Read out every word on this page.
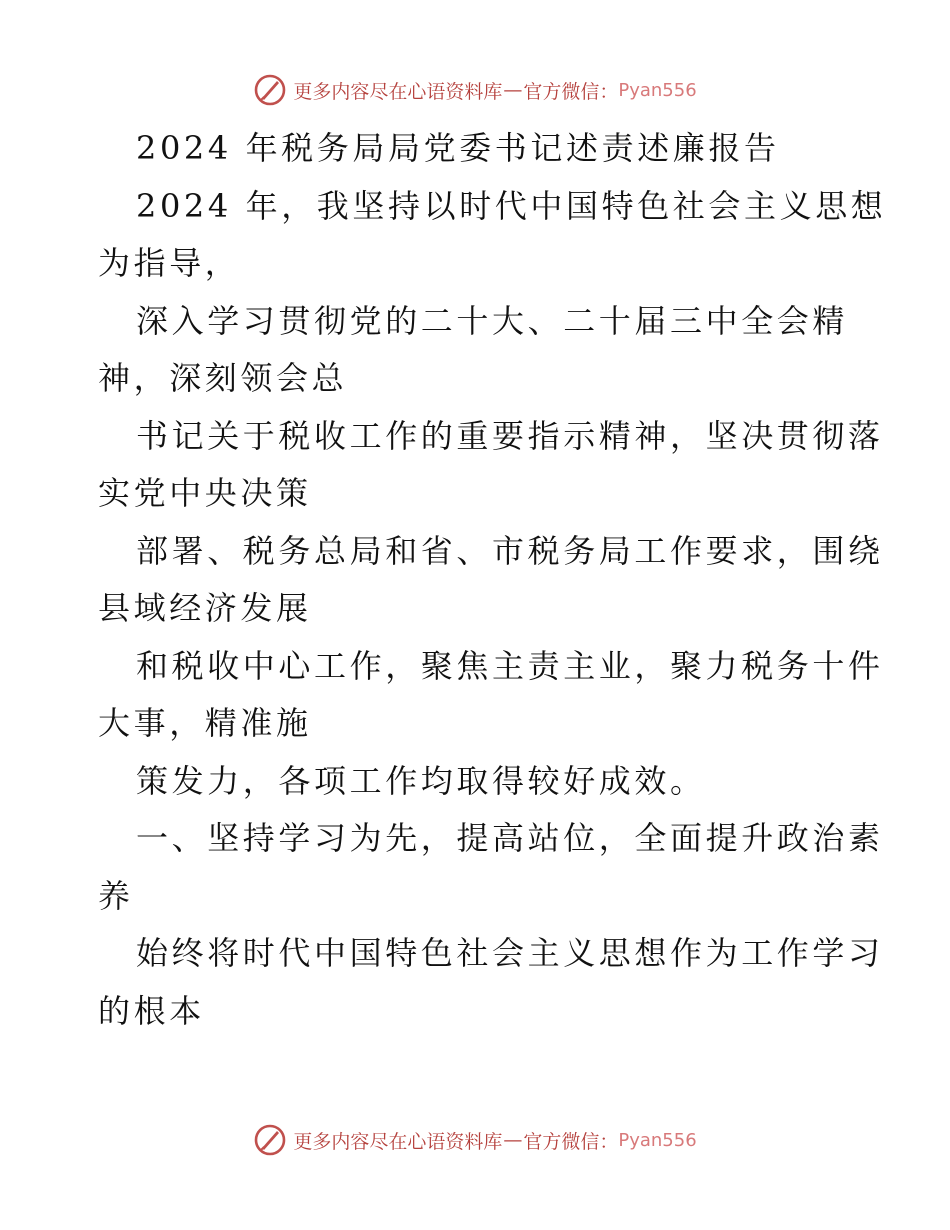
更多内容尽在心语资料库 — 官方微信： Pyan556
2024 年税务局局党委书记述责述廉报告
2024 年，我坚持以时代中国特色社会主义思想
为指导，
深入学习贯彻党的二十大、二十届三中全会精
神，深刻领会总
书记关于税收工作的重要指示精神，坚决贯彻落
实党中央决策
部署、税务总局和省、市税务局工作要求，围绕
县域经济发展
和税收中心工作，聚焦主责主业，聚力税务十件
大事，精准施
策发力，各项工作均取得较好成效。
一、坚持学习为先，提高站位，全面提升政治素
养
始终将时代中国特色社会主义思想作为工作学习
的根本
更多内容尽在心语资料库 — 官方微信： Pyan556
